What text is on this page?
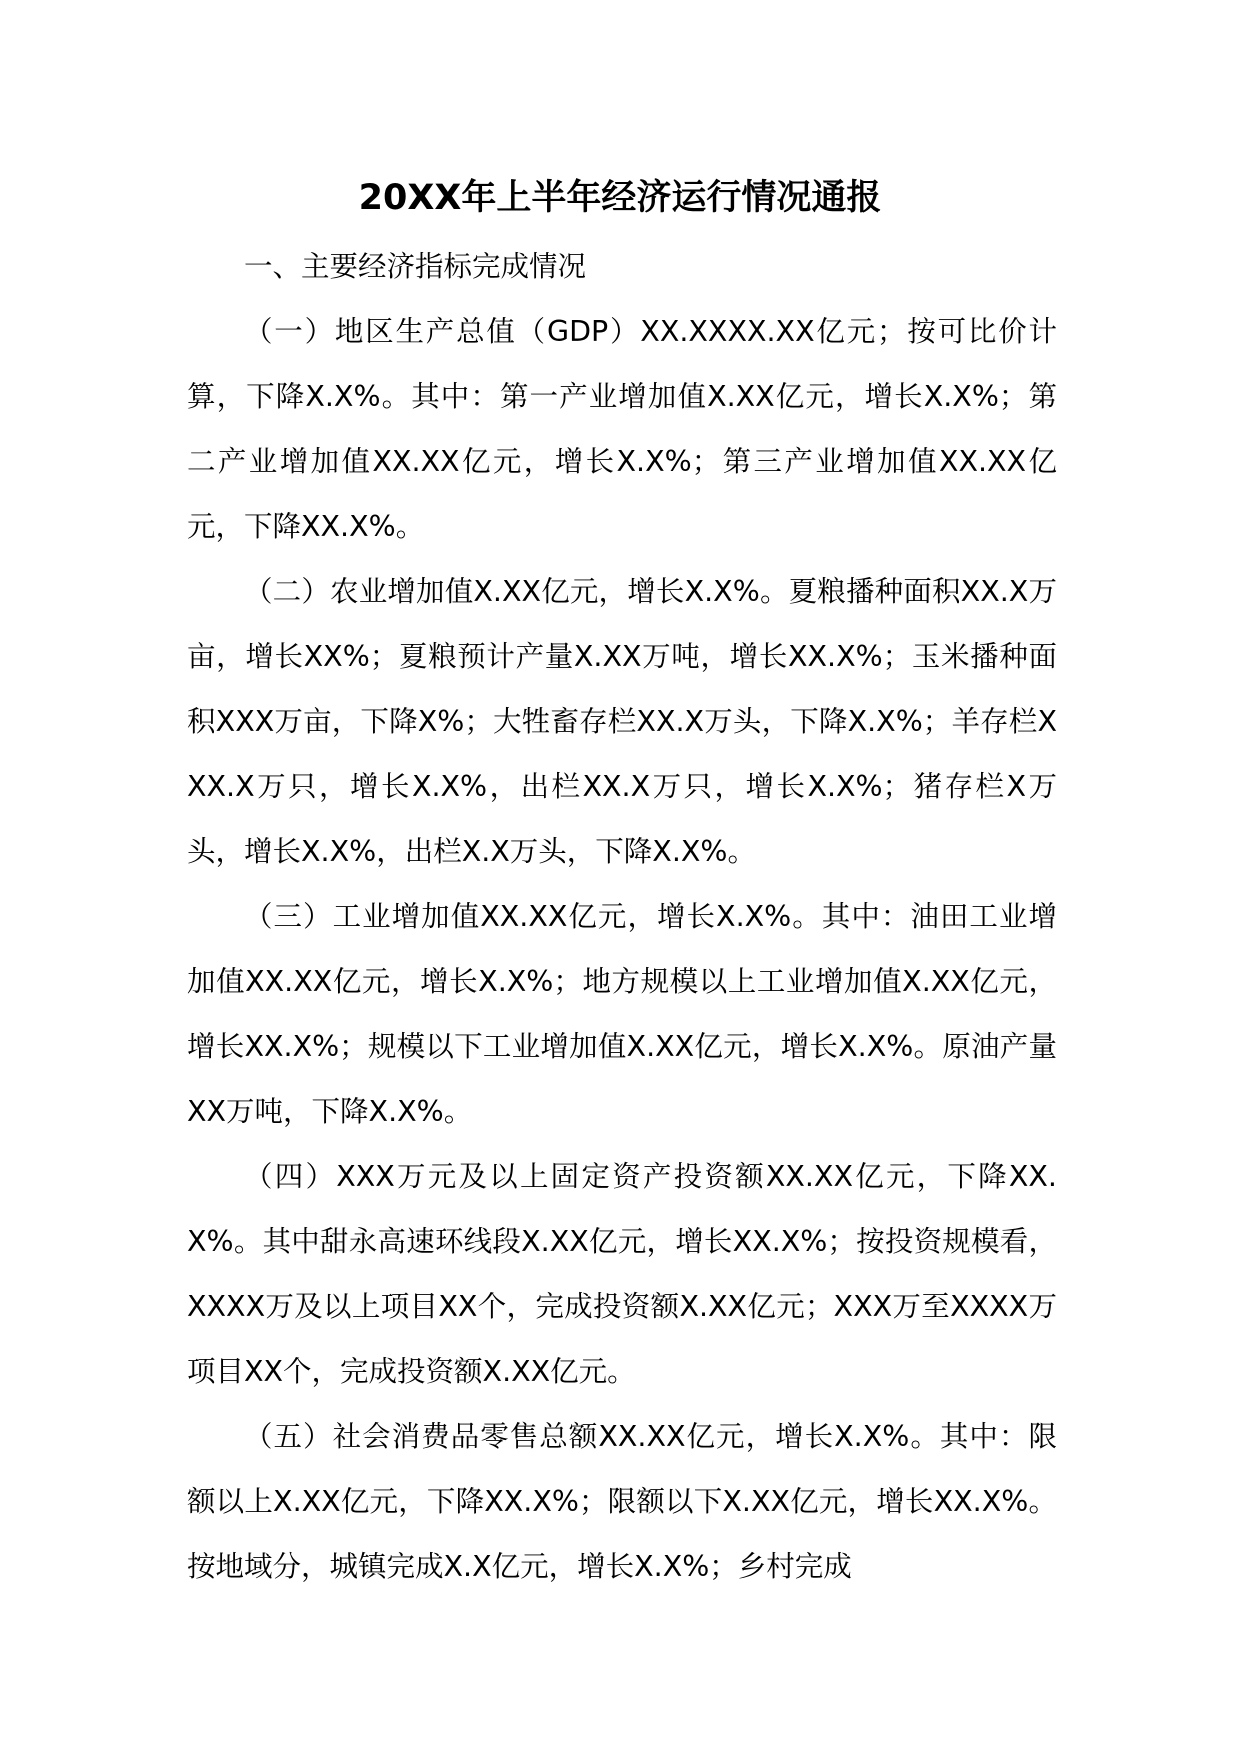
20XX年上半年经济运行情况通报

一、主要经济指标完成情况

（一）地区生产总值（GDP）XX.XXXX.XX亿元；按可比价计算，下降X.X%。其中：第一产业增加值X.XX亿元，增长X.X%；第二产业增加值XX.XX亿元，增长X.X%；第三产业增加值XX.XX亿元，下降XX.X%。

（二）农业增加值X.XX亿元，增长X.X%。夏粮播种面积XX.X万亩，增长XX%；夏粮预计产量X.XX万吨，增长XX.X%；玉米播种面积XXX万亩，下降X%；大牲畜存栏XX.X万头，下降X.X%；羊存栏XXX.X万只，增长X.X%，出栏XX.X万只，增长X.X%；猪存栏X万头，增长X.X%，出栏X.X万头，下降X.X%。

（三）工业增加值XX.XX亿元，增长X.X%。其中：油田工业增加值XX.XX亿元，增长X.X%；地方规模以上工业增加值X.XX亿元，增长XX.X%；规模以下工业增加值X.XX亿元，增长X.X%。原油产量XX万吨，下降X.X%。

（四）XXX万元及以上固定资产投资额XX.XX亿元，下降XX.X%。其中甜永高速环线段X.XX亿元，增长XX.X%；按投资规模看，XXXX万及以上项目XX个，完成投资额X.XX亿元；XXX万至XXXX万项目XX个，完成投资额X.XX亿元。

（五）社会消费品零售总额XX.XX亿元，增长X.X%。其中：限额以上X.XX亿元，下降XX.X%；限额以下X.XX亿元，增长XX.X%。按地域分，城镇完成X.X亿元，增长X.X%；乡村完成
